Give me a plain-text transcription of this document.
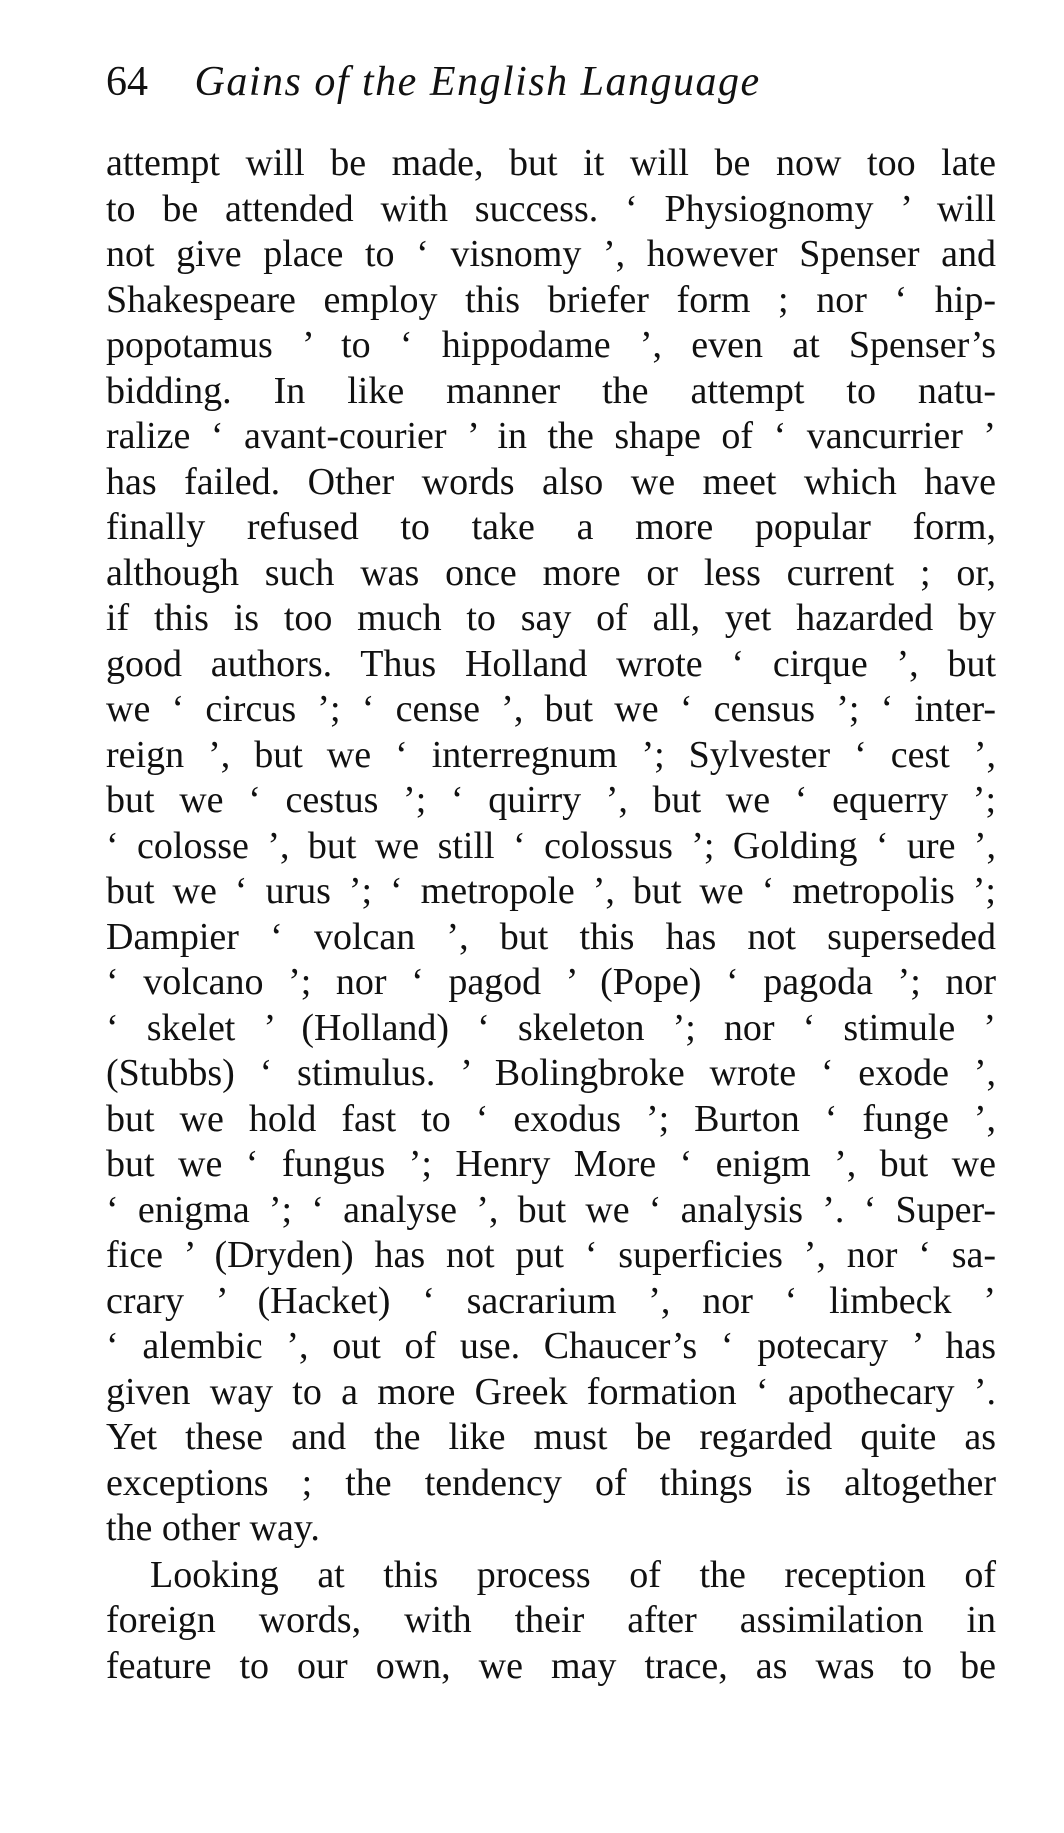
64 Gains of the English Language
attempt will be made, but it will be now too late
to be attended with success. ‘ Physiognomy ’ will
not give place to ‘ visnomy ’, however Spenser and
Shakespeare employ this briefer form ; nor ‘ hip-
popotamus ’ to ‘ hippodame ’, even at Spenser’s
bidding. In like manner the attempt to natu-
ralize ‘ avant-courier ’ in the shape of ‘ vancurrier ’
has failed. Other words also we meet which have
finally refused to take a more popular form,
although such was once more or less current ; or,
if this is too much to say of all, yet hazarded by
good authors. Thus Holland wrote ‘ cirque ’, but
we ‘ circus ’; ‘ cense ’, but we ‘ census ’; ‘ inter-
reign ’, but we ‘ interregnum ’; Sylvester ‘ cest ’,
but we ‘ cestus ’; ‘ quirry ’, but we ‘ equerry ’;
‘ colosse ’, but we still ‘ colossus ’; Golding ‘ ure ’,
but we ‘ urus ’; ‘ metropole ’, but we ‘ metropolis ’;
Dampier ‘ volcan ’, but this has not superseded
‘ volcano ’; nor ‘ pagod ’ (Pope) ‘ pagoda ’; nor
‘ skelet ’ (Holland) ‘ skeleton ’; nor ‘ stimule ’
(Stubbs) ‘ stimulus. ’ Bolingbroke wrote ‘ exode ’,
but we hold fast to ‘ exodus ’; Burton ‘ funge ’,
but we ‘ fungus ’; Henry More ‘ enigm ’, but we
‘ enigma ’; ‘ analyse ’, but we ‘ analysis ’. ‘ Super-
fice ’ (Dryden) has not put ‘ superficies ’, nor ‘ sa-
crary ’ (Hacket) ‘ sacrarium ’, nor ‘ limbeck ’
‘ alembic ’, out of use. Chaucer’s ‘ potecary ’ has
given way to a more Greek formation ‘ apothecary ’.
Yet these and the like must be regarded quite as
exceptions ; the tendency of things is altogether
the other way.
Looking at this process of the reception of
foreign words, with their after assimilation in
feature to our own, we may trace, as was to be
